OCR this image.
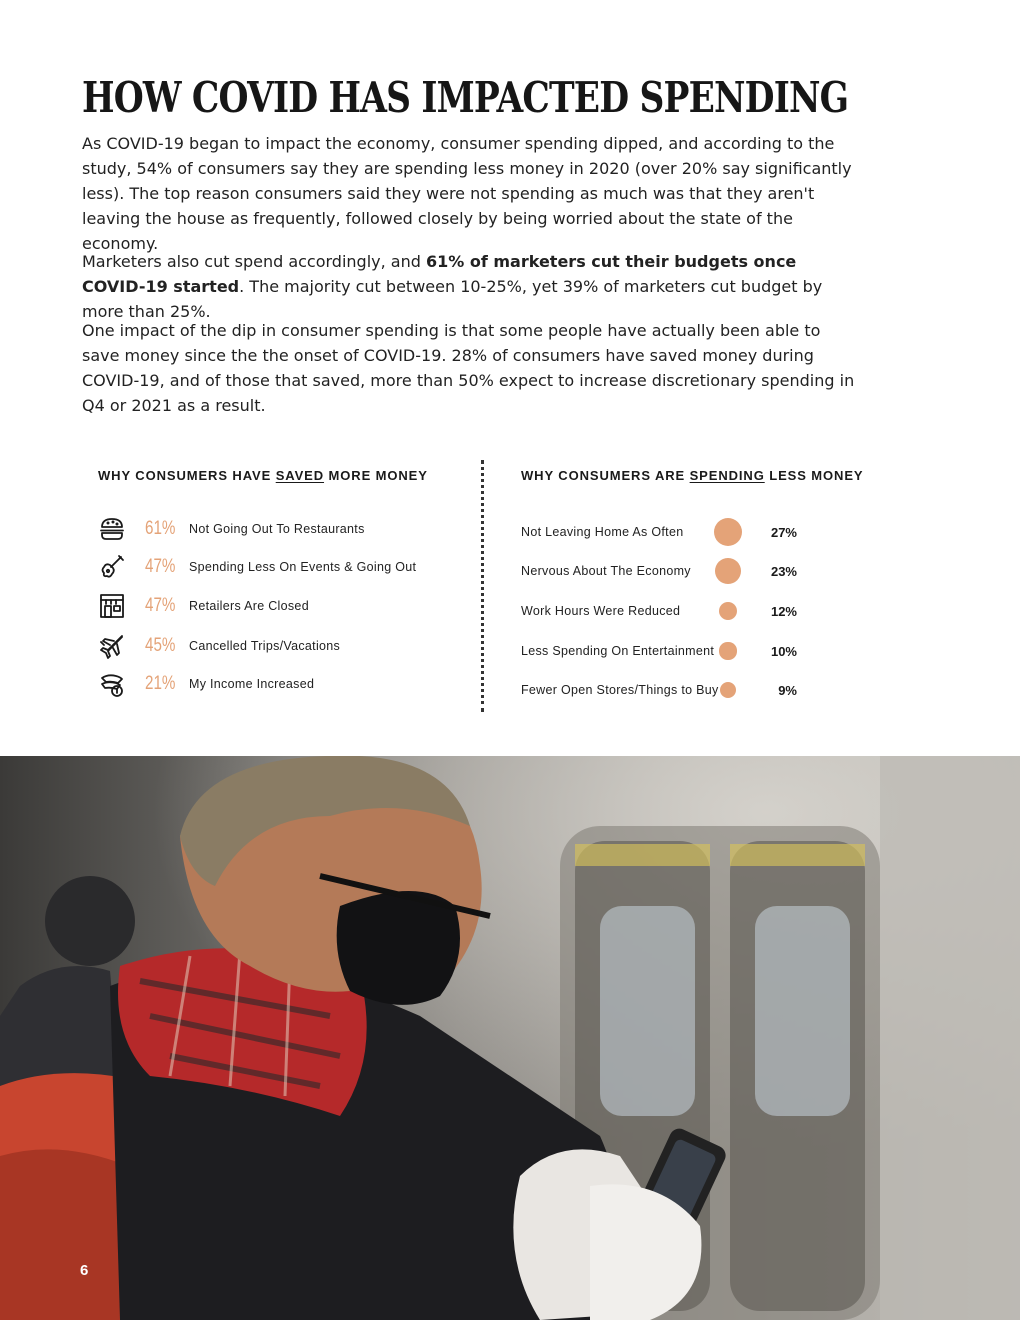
HOW COVID HAS IMPACTED SPENDING

As COVID-19 began to impact the economy, consumer spending dipped, and according to the study, 54% of consumers say they are spending less money in 2020 (over 20% say significantly less). The top reason consumers said they were not spending as much was that they aren't leaving the house as frequently, followed closely by being worried about the state of the economy.

Marketers also cut spend accordingly, and 61% of marketers cut their budgets once COVID-19 started. The majority cut between 10-25%, yet 39% of marketers cut budget by more than 25%.

One impact of the dip in consumer spending is that some people have actually been able to save money since the the onset of COVID-19. 28% of consumers have saved money during COVID-19, and of those that saved, more than 50% expect to increase discretionary spending in Q4 or 2021 as a result.

WHY CONSUMERS HAVE SAVED MORE MONEY	WHY CONSUMERS ARE SPENDING LESS MONEY
61%	Not Going Out To Restaurants
47%	Spending Less On Events & Going Out
47%	Retailers Are Closed
45%	Cancelled Trips/Vacations
21%	My Income Increased
Not Leaving Home As Often	27%
Nervous About The Economy	23%
Work Hours Were Reduced	12%
Less Spending On Entertainment	10%
Fewer Open Stores/Things to Buy	9%
6
